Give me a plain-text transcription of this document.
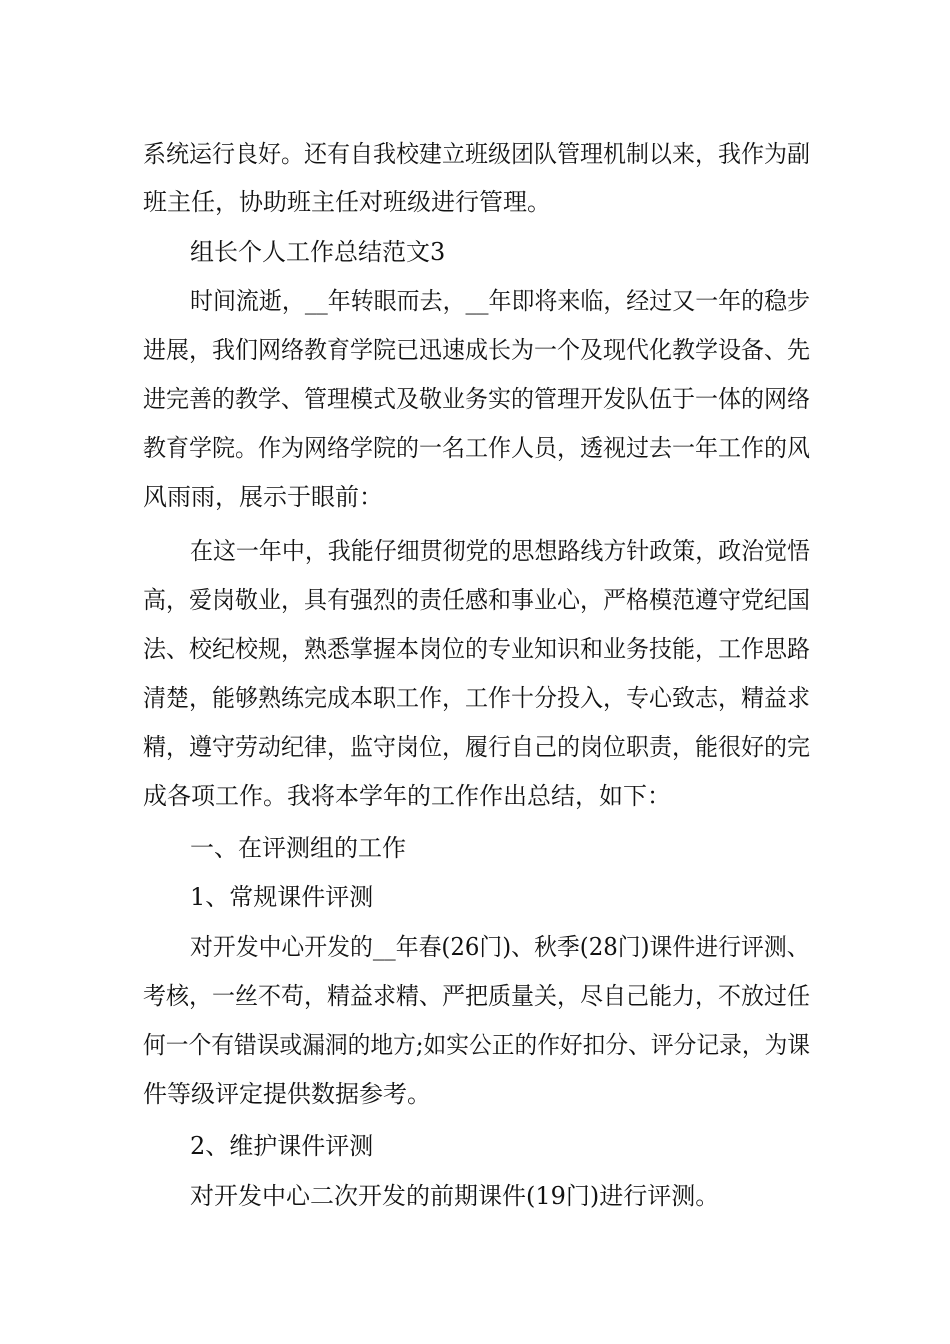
系统运行良好。还有自我校建立班级团队管理机制以来，我作为副
班主任，协助班主任对班级进行管理。
组长个人工作总结范文3
时间流逝，__年转眼而去，__年即将来临，经过又一年的稳步
进展，我们网络教育学院已迅速成长为一个及现代化教学设备、先
进完善的教学、管理模式及敬业务实的管理开发队伍于一体的网络
教育学院。作为网络学院的一名工作人员，透视过去一年工作的风
风雨雨，展示于眼前：
在这一年中，我能仔细贯彻党的思想路线方针政策，政治觉悟
高，爱岗敬业，具有强烈的责任感和事业心，严格模范遵守党纪国
法、校纪校规，熟悉掌握本岗位的专业知识和业务技能，工作思路
清楚，能够熟练完成本职工作，工作十分投入，专心致志，精益求
精，遵守劳动纪律，监守岗位，履行自己的岗位职责，能很好的完
成各项工作。我将本学年的工作作出总结，如下：
一、在评测组的工作
1、常规课件评测
对开发中心开发的__年春(26门)、秋季(28门)课件进行评测、
考核，一丝不苟，精益求精、严把质量关，尽自己能力，不放过任
何一个有错误或漏洞的地方;如实公正的作好扣分、评分记录，为课
件等级评定提供数据参考。
2、维护课件评测
对开发中心二次开发的前期课件(19门)进行评测。
